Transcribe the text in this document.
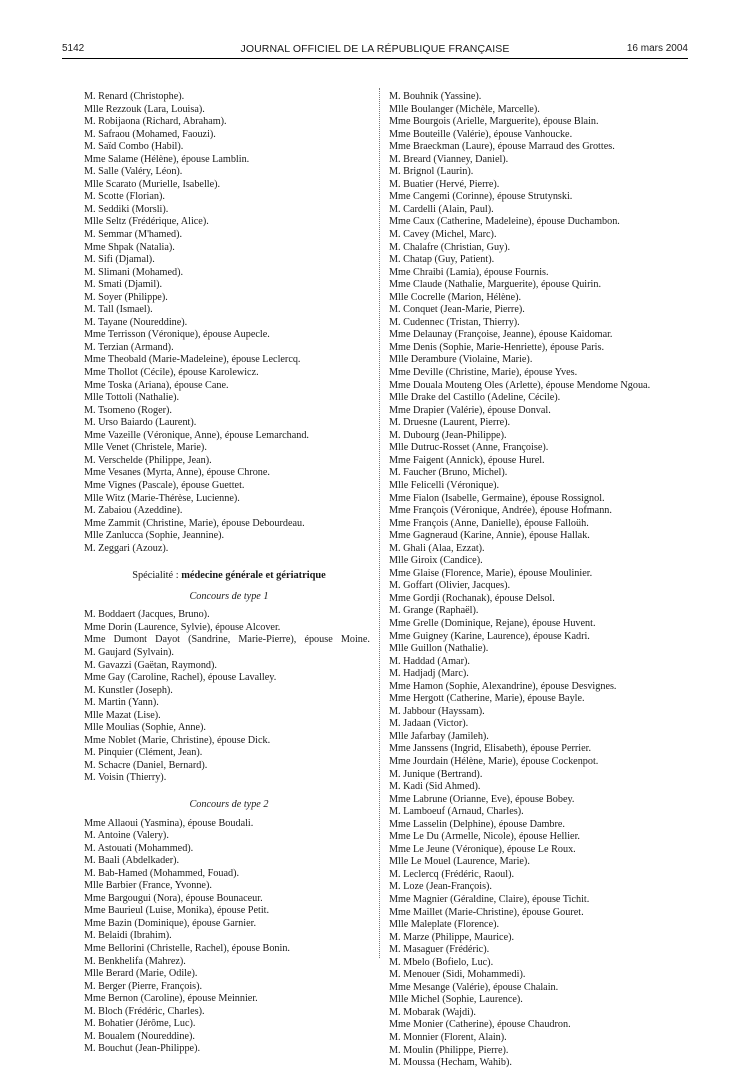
5142	JOURNAL OFFICIEL DE LA RÉPUBLIQUE FRANÇAISE	16 mars 2004
M. Renard (Christophe).
Mlle Rezzouk (Lara, Louisa).
M. Robijaona (Richard, Abraham).
M. Safraou (Mohamed, Faouzi).
M. Saïd Combo (Habil).
Mme Salame (Hélène), épouse Lamblin.
M. Salle (Valéry, Léon).
Mlle Scarato (Murielle, Isabelle).
M. Scotte (Florian).
M. Seddiki (Morsli).
Mlle Seltz (Frédérique, Alice).
M. Semmar (M'hamed).
Mme Shpak (Natalia).
M. Sifi (Djamal).
M. Slimani (Mohamed).
M. Smati (Djamil).
M. Soyer (Philippe).
M. Tall (Ismael).
M. Tayane (Noureddine).
Mme Terrisson (Véronique), épouse Aupecle.
M. Terzian (Armand).
Mme Theobald (Marie-Madeleine), épouse Leclercq.
Mme Thollot (Cécile), épouse Karolewicz.
Mme Toska (Ariana), épouse Cane.
Mlle Tottoli (Nathalie).
M. Tsomeno (Roger).
M. Urso Baiardo (Laurent).
Mme Vazeille (Véronique, Anne), épouse Lemarchand.
Mlle Venet (Christele, Marie).
M. Verschelde (Philippe, Jean).
Mme Vesanes (Myrta, Anne), épouse Chrone.
Mme Vignes (Pascale), épouse Guettet.
Mlle Witz (Marie-Thérèse, Lucienne).
M. Zabaiou (Azeddine).
Mme Zammit (Christine, Marie), épouse Debourdeau.
Mlle Zanlucca (Sophie, Jeannine).
M. Zeggari (Azouz).
Spécialité : médecine générale et gériatrique
Concours de type 1
M. Boddaert (Jacques, Bruno).
Mme Dorin (Laurence, Sylvie), épouse Alcover.
Mme Dumont Dayot (Sandrine, Marie-Pierre), épouse Moine.
M. Gaujard (Sylvain).
M. Gavazzi (Gaëtan, Raymond).
Mme Gay (Caroline, Rachel), épouse Lavalley.
M. Kunstler (Joseph).
M. Martin (Yann).
Mlle Mazat (Lise).
Mlle Moulias (Sophie, Anne).
Mme Noblet (Marie, Christine), épouse Dick.
M. Pinquier (Clément, Jean).
M. Schacre (Daniel, Bernard).
M. Voisin (Thierry).
Concours de type 2
Mme Allaoui (Yasmina), épouse Boudali.
M. Antoine (Valery).
M. Astouati (Mohammed).
M. Baali (Abdelkader).
M. Bab-Hamed (Mohammed, Fouad).
Mlle Barbier (France, Yvonne).
Mme Bargougui (Nora), épouse Bounaceur.
Mme Baurieul (Luise, Monika), épouse Petit.
Mme Bazin (Dominique), épouse Garnier.
M. Belaidi (Ibrahim).
Mme Bellorini (Christelle, Rachel), épouse Bonin.
M. Benkhelifa (Mahrez).
Mlle Berard (Marie, Odile).
M. Berger (Pierre, François).
Mme Bernon (Caroline), épouse Meinnier.
M. Bloch (Frédéric, Charles).
M. Bohatier (Jérôme, Luc).
M. Boualem (Noureddine).
M. Bouchut (Jean-Philippe).
M. Bouhnik (Yassine).
Mlle Boulanger (Michèle, Marcelle).
Mme Bourgois (Arielle, Marguerite), épouse Blain.
Mme Bouteille (Valérie), épouse Vanhoucke.
Mme Braeckman (Laure), épouse Marraud des Grottes.
M. Breard (Vianney, Daniel).
M. Brignol (Laurin).
M. Buatier (Hervé, Pierre).
Mme Cangemi (Corinne), épouse Strutynski.
M. Cardelli (Alain, Paul).
Mme Caux (Catherine, Madeleine), épouse Duchambon.
M. Cavey (Michel, Marc).
M. Chalafre (Christian, Guy).
M. Chatap (Guy, Patient).
Mme Chraibi (Lamia), épouse Fournis.
Mme Claude (Nathalie, Marguerite), épouse Quirin.
Mlle Cocrelle (Marion, Hélène).
M. Conquet (Jean-Marie, Pierre).
M. Cudennec (Tristan, Thierry).
Mme Delaunay (Françoise, Jeanne), épouse Kaidomar.
Mme Denis (Sophie, Marie-Henriette), épouse Paris.
Mlle Derambure (Violaine, Marie).
Mme Deville (Christine, Marie), épouse Yves.
Mme Douala Mouteng Oles (Arlette), épouse Mendome Ngoua.
Mlle Drake del Castillo (Adeline, Cécile).
Mme Drapier (Valérie), épouse Donval.
M. Druesne (Laurent, Pierre).
M. Dubourg (Jean-Philippe).
Mlle Dutruc-Rosset (Anne, Françoise).
Mme Faigent (Annick), épouse Hurel.
M. Faucher (Bruno, Michel).
Mlle Felicelli (Véronique).
Mme Fialon (Isabelle, Germaine), épouse Rossignol.
Mme François (Véronique, Andrée), épouse Hofmann.
Mme François (Anne, Danielle), épouse Falloüh.
Mme Gagneraud (Karine, Annie), épouse Hallak.
M. Ghali (Alaa, Ezzat).
Mlle Giroix (Candice).
Mme Glaise (Florence, Marie), épouse Moulinier.
M. Goffart (Olivier, Jacques).
Mme Gordji (Rochanak), épouse Delsol.
M. Grange (Raphaël).
Mme Grelle (Dominique, Rejane), épouse Huvent.
Mme Guigney (Karine, Laurence), épouse Kadri.
Mlle Guillon (Nathalie).
M. Haddad (Amar).
M. Hadjadj (Marc).
Mme Hamon (Sophie, Alexandrine), épouse Desvignes.
Mme Hergott (Catherine, Marie), épouse Bayle.
M. Jabbour (Hayssam).
M. Jadaan (Victor).
Mlle Jafarbay (Jamileh).
Mme Janssens (Ingrid, Elisabeth), épouse Perrier.
Mme Jourdain (Hélène, Marie), épouse Cockenpot.
M. Junique (Bertrand).
M. Kadi (Sid Ahmed).
Mme Labrune (Orianne, Eve), épouse Bobey.
M. Lamboeuf (Arnaud, Charles).
Mme Lasselin (Delphine), épouse Dambre.
Mme Le Du (Armelle, Nicole), épouse Hellier.
Mme Le Jeune (Véronique), épouse Le Roux.
Mlle Le Mouel (Laurence, Marie).
M. Leclercq (Frédéric, Raoul).
M. Loze (Jean-François).
Mme Magnier (Géraldine, Claire), épouse Tichit.
Mme Maillet (Marie-Christine), épouse Gouret.
Mlle Maleplate (Florence).
M. Marze (Philippe, Maurice).
M. Masaguer (Frédéric).
M. Mbelo (Bofielo, Luc).
M. Menouer (Sidi, Mohammedi).
Mme Mesange (Valérie), épouse Chalain.
Mlle Michel (Sophie, Laurence).
M. Mobarak (Wajdi).
Mme Monier (Catherine), épouse Chaudron.
M. Monnier (Florent, Alain).
M. Moulin (Philippe, Pierre).
M. Moussa (Hecham, Wahib).
